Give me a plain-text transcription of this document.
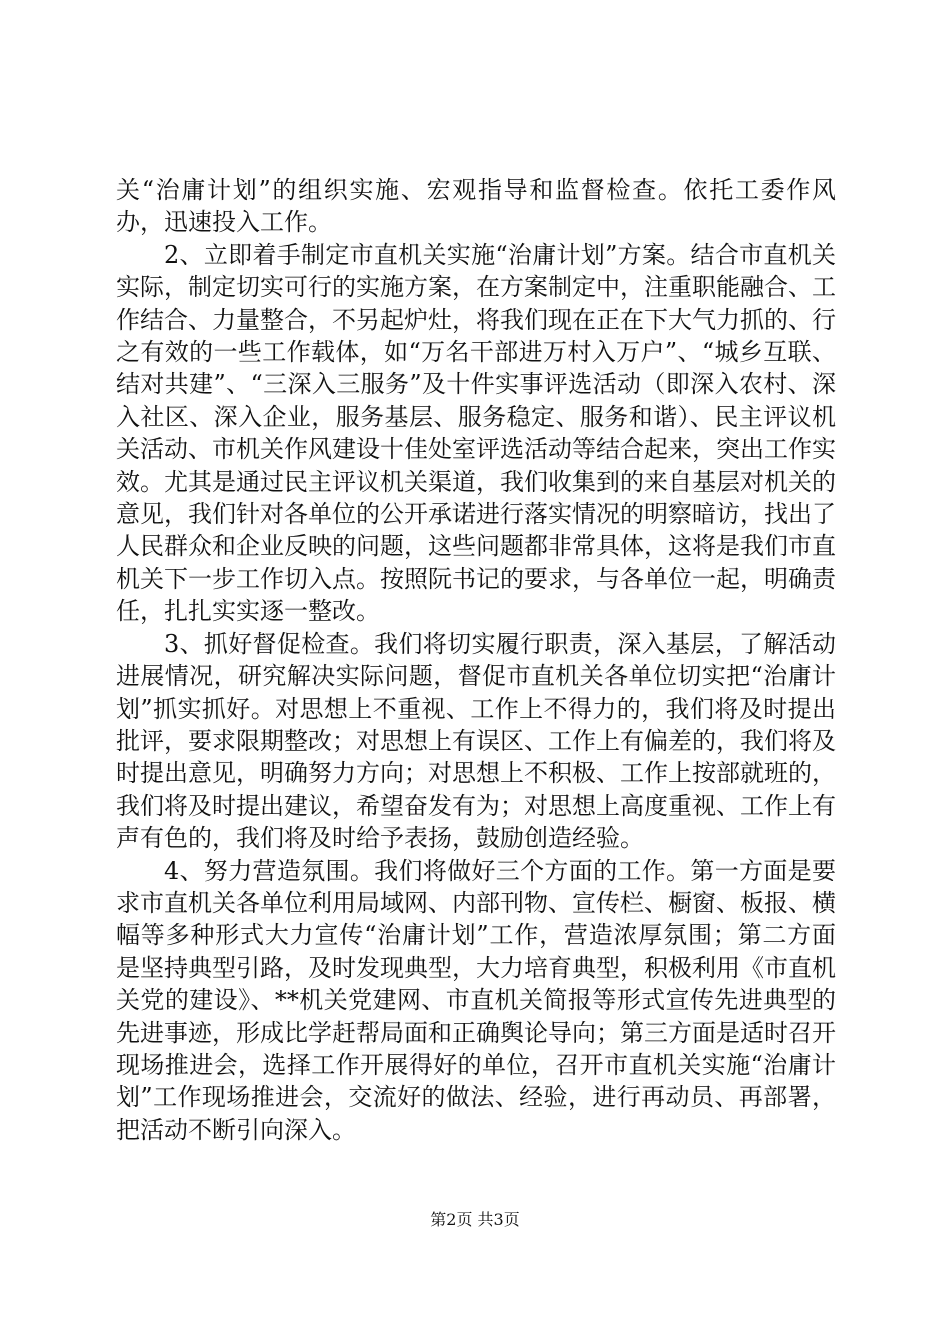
关“治庸计划”的组织实施、宏观指导和监督检查。依托工委作风办，迅速投入工作。

2、立即着手制定市直机关实施“治庸计划”方案。结合市直机关实际，制定切实可行的实施方案，在方案制定中，注重职能融合、工作结合、力量整合，不另起炉灶，将我们现在正在下大气力抓的、行之有效的一些工作载体，如“万名干部进万村入万户”、“城乡互联、结对共建”、“三深入三服务”及十件实事评选活动（即深入农村、深入社区、深入企业，服务基层、服务稳定、服务和谐）、民主评议机关活动、市机关作风建设十佳处室评选活动等结合起来，突出工作实效。尤其是通过民主评议机关渠道，我们收集到的来自基层对机关的意见，我们针对各单位的公开承诺进行落实情况的明察暗访，找出了人民群众和企业反映的问题，这些问题都非常具体，这将是我们市直机关下一步工作切入点。按照阮书记的要求，与各单位一起，明确责任，扎扎实实逐一整改。

3、抓好督促检查。我们将切实履行职责，深入基层，了解活动进展情况，研究解决实际问题，督促市直机关各单位切实把“治庸计划”抓实抓好。对思想上不重视、工作上不得力的，我们将及时提出批评，要求限期整改；对思想上有误区、工作上有偏差的，我们将及时提出意见，明确努力方向；对思想上不积极、工作上按部就班的，我们将及时提出建议，希望奋发有为；对思想上高度重视、工作上有声有色的，我们将及时给予表扬，鼓励创造经验。

4、努力营造氛围。我们将做好三个方面的工作。第一方面是要求市直机关各单位利用局域网、内部刊物、宣传栏、橱窗、板报、横幅等多种形式大力宣传“治庸计划”工作，营造浓厚氛围；第二方面是坚持典型引路，及时发现典型，大力培育典型，积极利用《市直机关党的建设》、**机关党建网、市直机关简报等形式宣传先进典型的先进事迹，形成比学赶帮局面和正确舆论导向；第三方面是适时召开现场推进会，选择工作开展得好的单位，召开市直机关实施“治庸计划”工作现场推进会，交流好的做法、经验，进行再动员、再部署，把活动不断引向深入。

第2页 共3页
